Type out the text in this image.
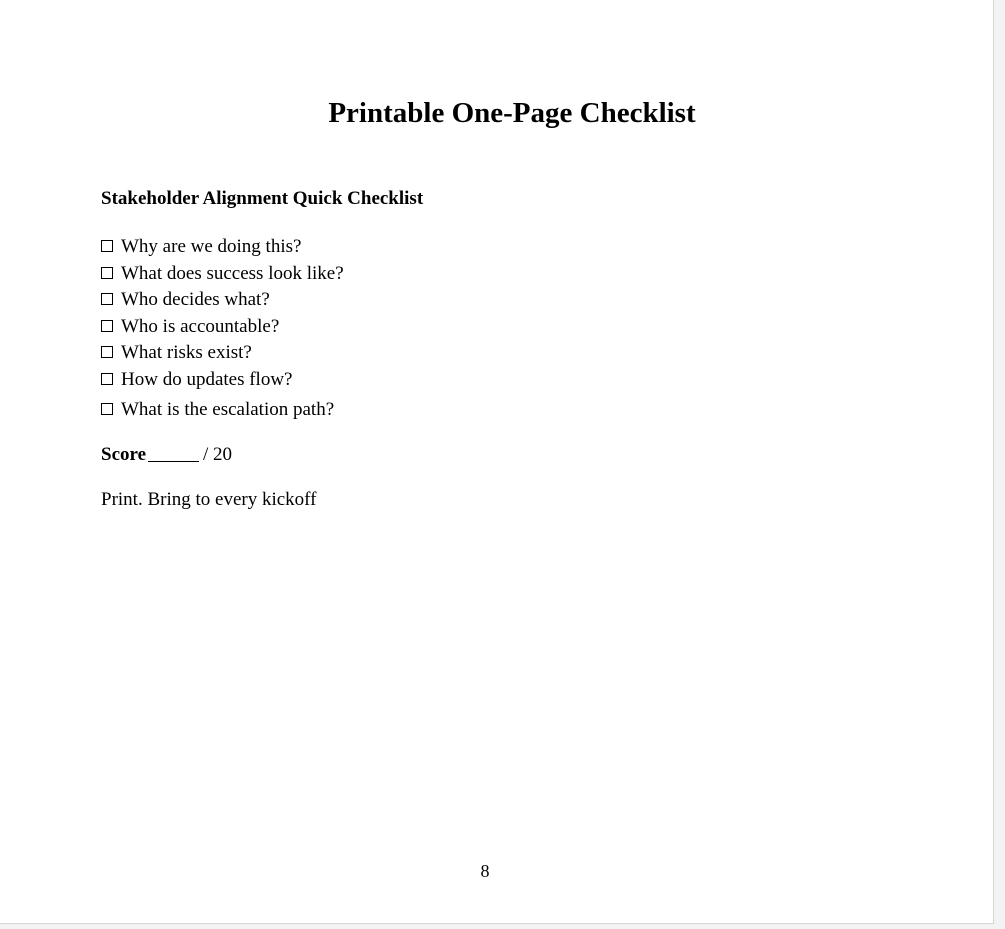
Printable One-Page Checklist
Stakeholder Alignment Quick Checklist
Why are we doing this?
What does success look like?
Who decides what?
Who is accountable?
What risks exist?
How do updates flow?
What is the escalation path?
Score	/ 20
Print. Bring to every kickoff
8
